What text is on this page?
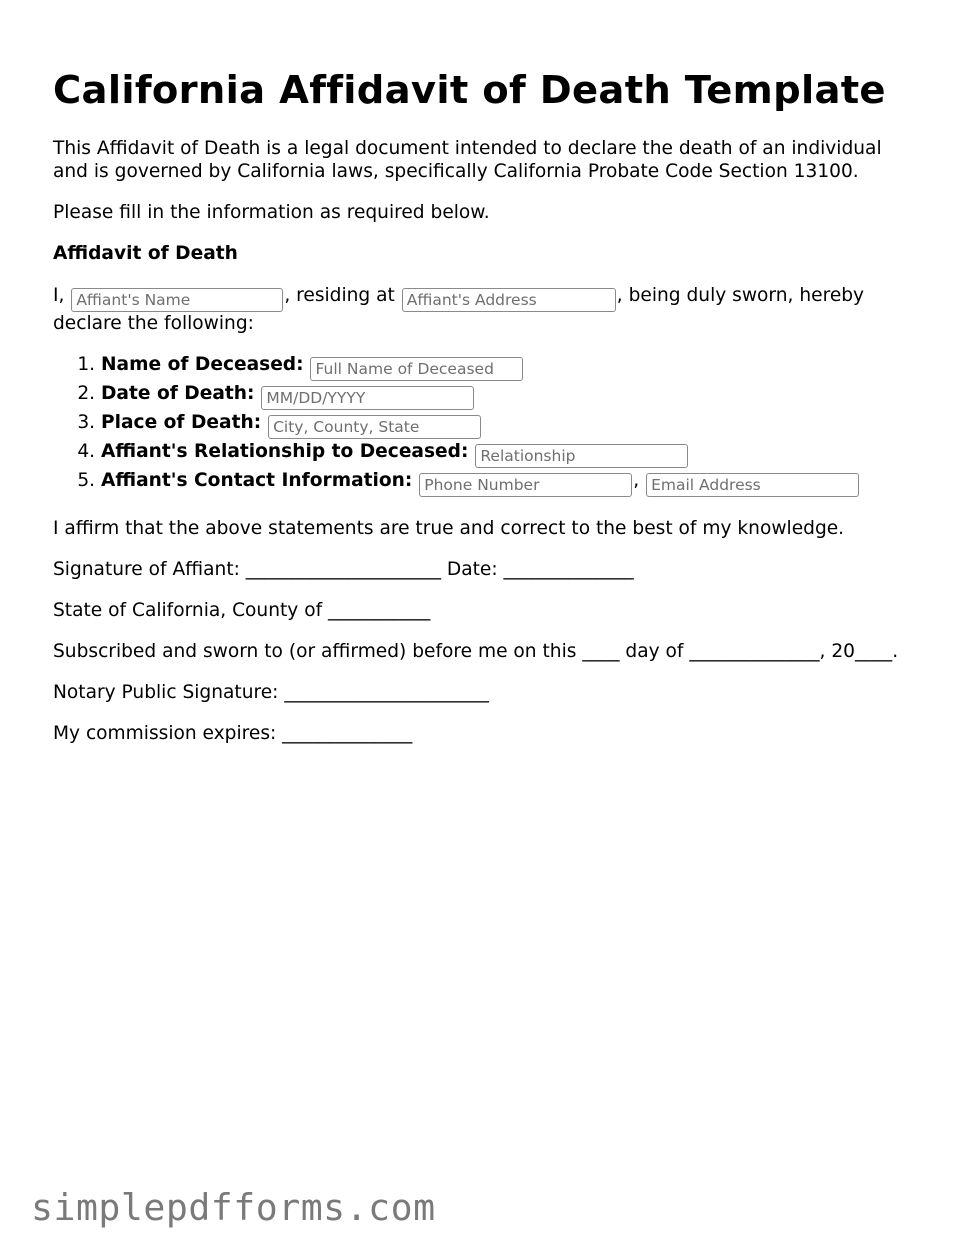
California Affidavit of Death Template

This Affidavit of Death is a legal document intended to declare the death of an individual and is governed by California laws, specifically California Probate Code Section 13100.

Please fill in the information as required below.

Affidavit of Death

I, Affiant's Name	, residing at Affiant's Address	, being duly sworn, hereby declare the following:

1. Name of Deceased: Full Name of Deceased
2. Date of Death: MM/DD/YYYY
3. Place of Death: City, County, State
4. Affiant's Relationship to Deceased: Relationship
5. Affiant's Contact Information: Phone Number	, Email Address

I affirm that the above statements are true and correct to the best of my knowledge.

Signature of Affiant: _____________________ Date: ______________

State of California, County of ___________

Subscribed and sworn to (or affirmed) before me on this ____ day of ______________, 20____.

Notary Public Signature: ______________________

My commission expires: ______________

simplepdfforms.com
